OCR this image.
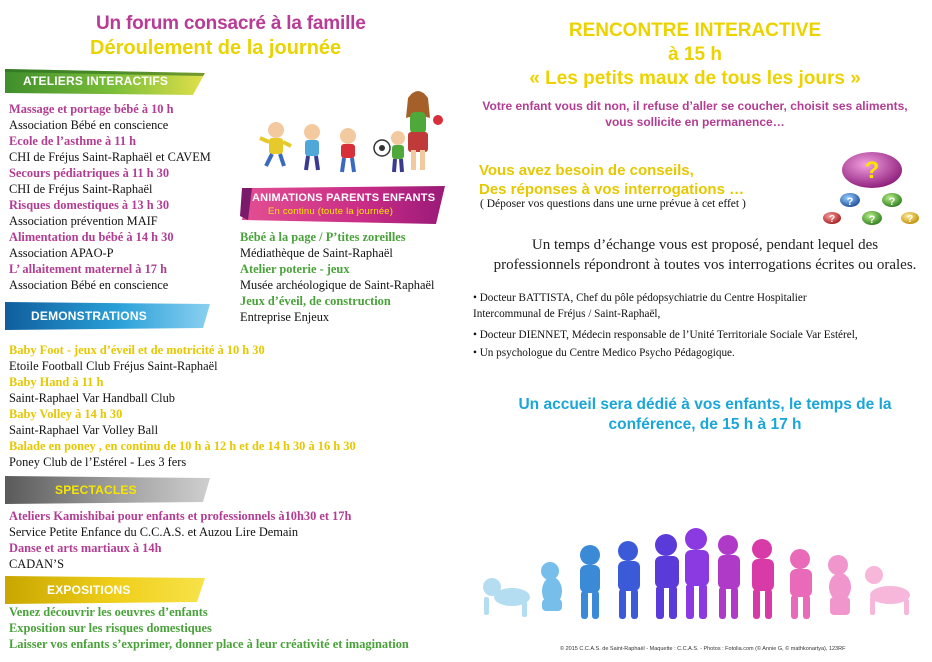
Un forum consacré à la famille
Déroulement de la journée
ATELIERS INTERACTIFS
Massage et portage bébé à 10 h
Association Bébé en conscience
Ecole de l’asthme à 11 h
CHI de Fréjus Saint-Raphaël et CAVEM
Secours pédiatriques à 11 h 30
CHI de Fréjus Saint-Raphaël
Risques domestiques à 13 h 30
Association prévention MAIF
Alimentation du bébé à 14 h 30
Association APAO-P
L’ allaitement maternel à 17 h
Association Bébé en conscience
ANIMATIONS PARENTS ENFANTS
En continu (toute la journée)
Bébé à la page / P’tites zoreilles
Médiathèque de Saint-Raphaël
Atelier poterie - jeux
Musée archéologique de Saint-Raphaël
Jeux d’éveil, de construction
Entreprise Enjeux
DEMONSTRATIONS
Baby Foot - jeux d’éveil et de motricité à 10 h 30
Etoile Football Club Fréjus Saint-Raphaël
Baby Hand à 11 h
Saint-Raphael Var Handball Club
Baby Volley à 14 h 30
Saint-Raphael Var Volley Ball
Balade en poney , en continu de 10 h à 12 h et de 14 h 30 à 16 h 30
Poney Club de l’Estérel - Les 3 fers
SPECTACLES
Ateliers Kamishibai pour enfants et professionnels à10h30 et 17h
Service Petite Enfance du C.C.A.S. et Auzou Lire Demain
Danse et arts martiaux à 14h
CADAN’S
EXPOSITIONS
Venez découvrir les oeuvres d’enfants
Exposition sur les risques domestiques
Laisser vos enfants s’exprimer, donner place à leur créativité et imagination
RENCONTRE INTERACTIVE
à 15 h
« Les petits maux de tous les jours »
Votre enfant vous dit non, il refuse d’aller se coucher, choisit ses aliments,
vous sollicite en permanence…
Vous avez besoin de conseils,
Des réponses à vos interrogations …
( Déposer vos questions dans une urne prévue à cet effet )
?
?	?
?	?	?
Un temps d’échange vous est proposé, pendant lequel des
professionnels répondront à toutes vos interrogations écrites ou orales.
• Docteur BATTISTA, Chef du pôle pédopsychiatrie du Centre Hospitalier
Intercommunal de Fréjus / Saint-Raphaël,
• Docteur DIENNET, Médecin responsable de l’Unité Territoriale Sociale Var Estérel,
• Un psychologue du Centre Medico Psycho Pédagogique.
Un accueil sera dédié à vos enfants, le temps de la
conférence, de 15 h à 17 h
© 2015 C.C.A.S. de Saint-Raphaël - Maquette : C.C.A.S. - Photos : Fotolia.com (© Annie G, © mathkonartya), 123RF
